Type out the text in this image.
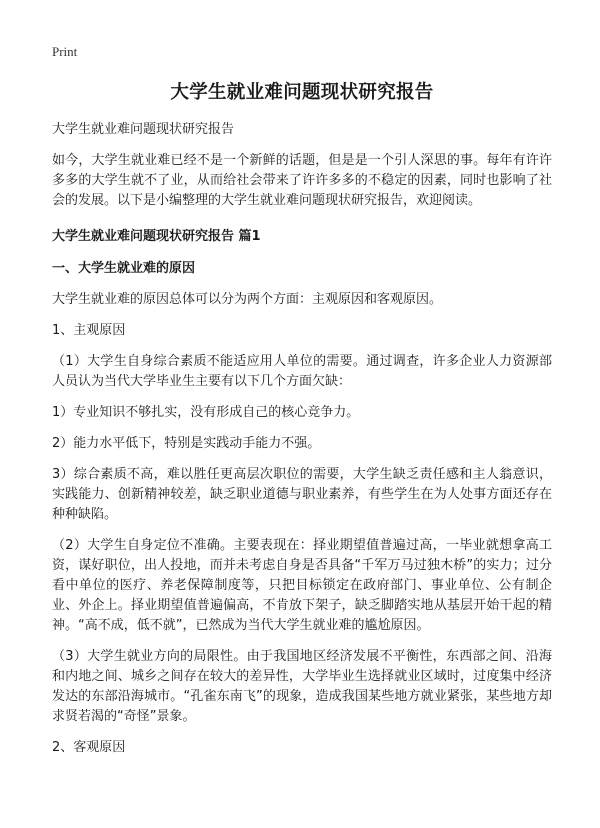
Print
大学生就业难问题现状研究报告
大学生就业难问题现状研究报告
如今，大学生就业难已经不是一个新鲜的话题，但是是一个引人深思的事。每年有许许多多的大学生就不了业，从而给社会带来了许许多多的不稳定的因素，同时也影响了社会的发展。以下是小编整理的大学生就业难问题现状研究报告，欢迎阅读。
大学生就业难问题现状研究报告 篇1
一、大学生就业难的原因
大学生就业难的原因总体可以分为两个方面：主观原因和客观原因。
1、主观原因
（1）大学生自身综合素质不能适应用人单位的需要。通过调查，许多企业人力资源部人员认为当代大学毕业生主要有以下几个方面欠缺：
1）专业知识不够扎实，没有形成自己的核心竞争力。
2）能力水平低下，特别是实践动手能力不强。
3）综合素质不高，难以胜任更高层次职位的需要，大学生缺乏责任感和主人翁意识，实践能力、创新精神较差，缺乏职业道德与职业素养，有些学生在为人处事方面还存在种种缺陷。
（2）大学生自身定位不准确。主要表现在：择业期望值普遍过高，一毕业就想拿高工资，谋好职位，出人投地，而并未考虑自身是否具备“千军万马过独木桥”的实力；过分看中单位的医疗、养老保障制度等，只把目标锁定在政府部门、事业单位、公有制企业、外企上。择业期望值普遍偏高，不肯放下架子，缺乏脚踏实地从基层开始干起的精神。“高不成，低不就”，已然成为当代大学生就业难的尴尬原因。
（3）大学生就业方向的局限性。由于我国地区经济发展不平衡性，东西部之间、沿海和内地之间、城乡之间存在较大的差异性，大学毕业生选择就业区域时，过度集中经济发达的东部沿海城市。“孔雀东南飞”的现象，造成我国某些地方就业紧张，某些地方却求贤若渴的“奇怪”景象。
2、客观原因
